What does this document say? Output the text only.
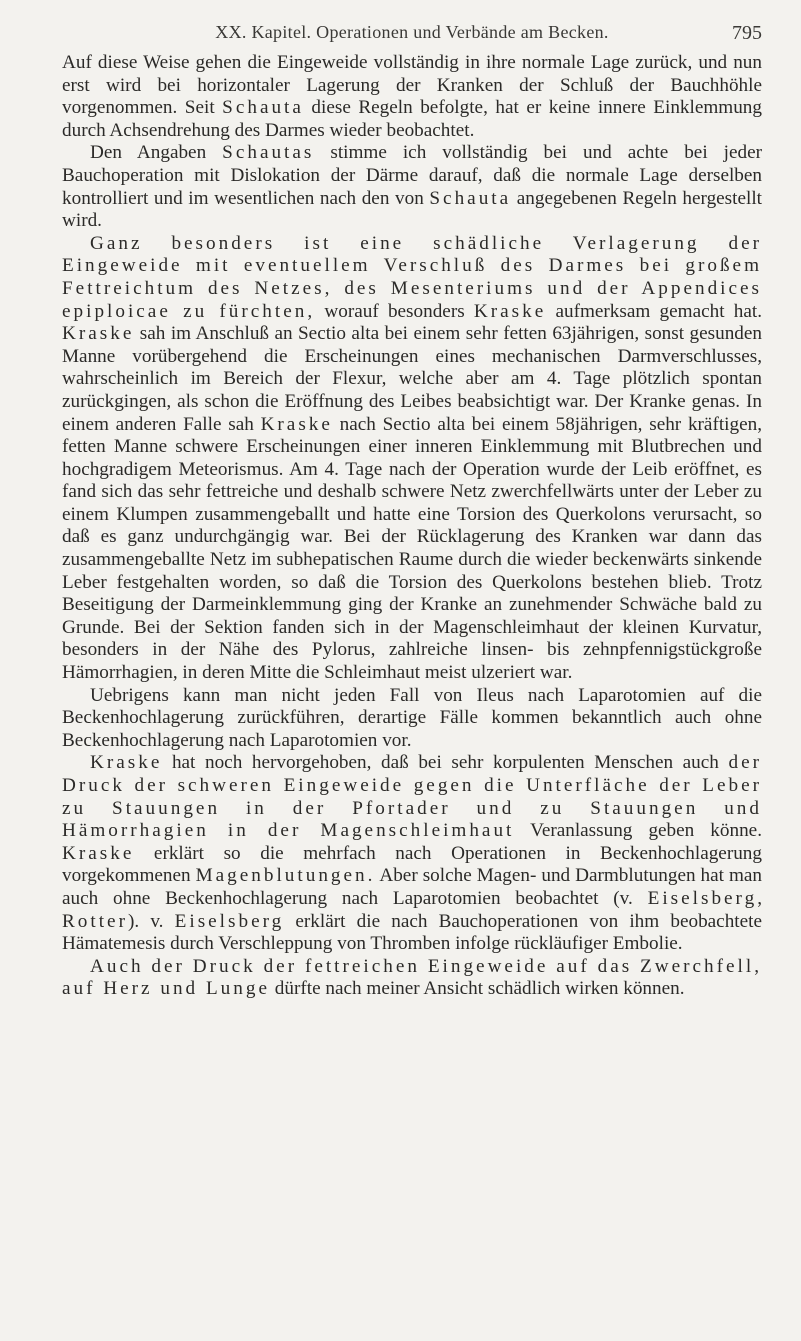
XX. Kapitel. Operationen und Verbände am Becken.	795

Auf diese Weise gehen die Eingeweide vollständig in ihre normale Lage zurück, und nun erst wird bei horizontaler Lagerung der Kranken der Schluß der Bauchhöhle vorgenommen. Seit Schauta diese Regeln befolgte, hat er keine innere Einklemmung durch Achsendrehung des Darmes wieder beobachtet.

Den Angaben Schautas stimme ich vollständig bei und achte bei jeder Bauchoperation mit Dislokation der Därme darauf, daß die normale Lage derselben kontrolliert und im wesentlichen nach den von Schauta angegebenen Regeln hergestellt wird.

Ganz besonders ist eine schädliche Verlagerung der Eingeweide mit eventuellem Verschluß des Darmes bei großem Fettreichtum des Netzes, des Mesenteriums und der Appendices epiploicae zu fürchten, worauf besonders Kraske aufmerksam gemacht hat. Kraske sah im Anschluß an Sectio alta bei einem sehr fetten 63jährigen, sonst gesunden Manne vorübergehend die Erscheinungen eines mechanischen Darmverschlusses, wahrscheinlich im Bereich der Flexur, welche aber am 4. Tage plötzlich spontan zurückgingen, als schon die Eröffnung des Leibes beabsichtigt war. Der Kranke genas. In einem anderen Falle sah Kraske nach Sectio alta bei einem 58jährigen, sehr kräftigen, fetten Manne schwere Erscheinungen einer inneren Einklemmung mit Blutbrechen und hochgradigem Meteorismus. Am 4. Tage nach der Operation wurde der Leib eröffnet, es fand sich das sehr fettreiche und deshalb schwere Netz zwerchfellwärts unter der Leber zu einem Klumpen zusammengeballt und hatte eine Torsion des Querkolons verursacht, so daß es ganz undurchgängig war. Bei der Rücklagerung des Kranken war dann das zusammengeballte Netz im subhepatischen Raume durch die wieder beckenwärts sinkende Leber festgehalten worden, so daß die Torsion des Querkolons bestehen blieb. Trotz Beseitigung der Darmeinklemmung ging der Kranke an zunehmender Schwäche bald zu Grunde. Bei der Sektion fanden sich in der Magenschleimhaut der kleinen Kurvatur, besonders in der Nähe des Pylorus, zahlreiche linsen- bis zehnpfennigstückgroße Hämorrhagien, in deren Mitte die Schleimhaut meist ulzeriert war.

Uebrigens kann man nicht jeden Fall von Ileus nach Laparotomien auf die Beckenhochlagerung zurückführen, derartige Fälle kommen bekanntlich auch ohne Beckenhochlagerung nach Laparotomien vor.

Kraske hat noch hervorgehoben, daß bei sehr korpulenten Menschen auch der Druck der schweren Eingeweide gegen die Unterfläche der Leber zu Stauungen in der Pfortader und zu Stauungen und Hämorrhagien in der Magenschleimhaut Veranlassung geben könne. Kraske erklärt so die mehrfach nach Operationen in Beckenhochlagerung vorgekommenen Magenblutungen. Aber solche Magen- und Darmblutungen hat man auch ohne Beckenhochlagerung nach Laparotomien beobachtet (v. Eiselsberg, Rotter). v. Eiselsberg erklärt die nach Bauchoperationen von ihm beobachtete Hämatemesis durch Verschleppung von Thromben infolge rückläufiger Embolie.

Auch der Druck der fettreichen Eingeweide auf das Zwerchfell, auf Herz und Lunge dürfte nach meiner Ansicht schädlich wirken können.
